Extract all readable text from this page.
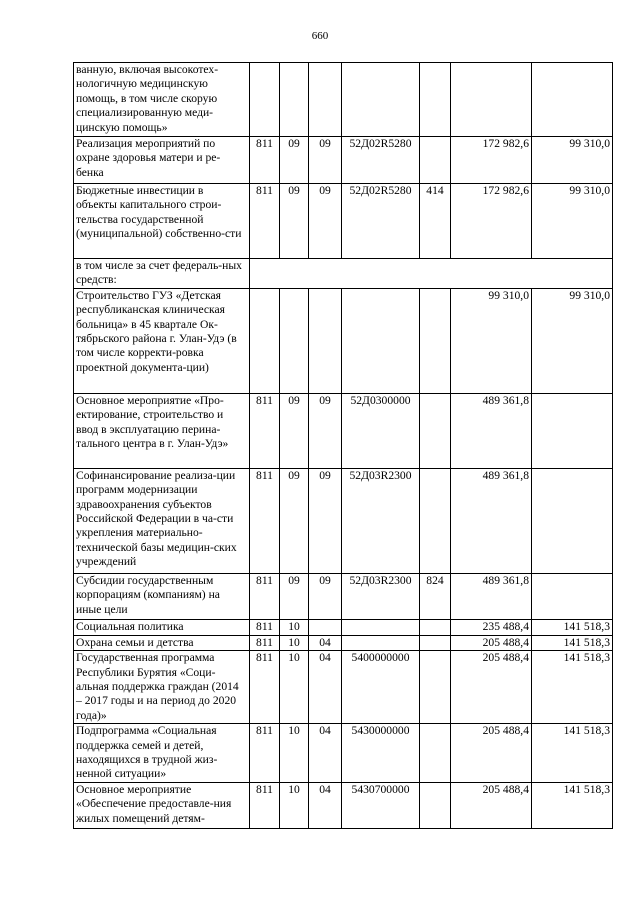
660
ванную, включая высокотех-нологичную медицинскую помощь, в том числе скорую специализированную меди-цинскую помощь»							
Реализация мероприятий по охране здоровья матери и ре-бенка	811	09	09	52Д02R5280		172 982,6	99 310,0
Бюджетные инвестиции в объекты капитального строи-тельства государственной (муниципальной) собственно-сти	811	09	09	52Д02R5280	414	172 982,6	99 310,0
в том числе за счет федераль-ных средств:							
Строительство ГУЗ «Детская республиканская клиническая больница» в 45 квартале Ок-тябрьского района г. Улан-Удэ (в том числе корректи-ровка проектной документа-ции)						99 310,0	99 310,0
Основное мероприятие «Про-ектирование, строительство и ввод в эксплуатацию перина-тального центра в г. Улан-Удэ»	811	09	09	52Д0300000		489 361,8	
Софинансирование реализа-ции программ модернизации здравоохранения субъектов Российской Федерации в ча-сти укрепления материально-технической базы медицин-ских учреждений	811	09	09	52Д03R2300		489 361,8	
Субсидии государственным корпорациям (компаниям) на иные цели	811	09	09	52Д03R2300	824	489 361,8	
Социальная политика	811	10				235 488,4	141 518,3
Охрана семьи и детства	811	10	04			205 488,4	141 518,3
Государственная программа Республики Бурятия «Соци-альная поддержка граждан (2014 – 2017 годы и на период до 2020 года)»	811	10	04	5400000000		205 488,4	141 518,3
Подпрограмма «Социальная поддержка семей и детей, находящихся в трудной жиз-ненной ситуации»	811	10	04	5430000000		205 488,4	141 518,3
Основное мероприятие «Обеспечение предоставле-ния жилых помещений детям-	811	10	04	5430700000		205 488,4	141 518,3
